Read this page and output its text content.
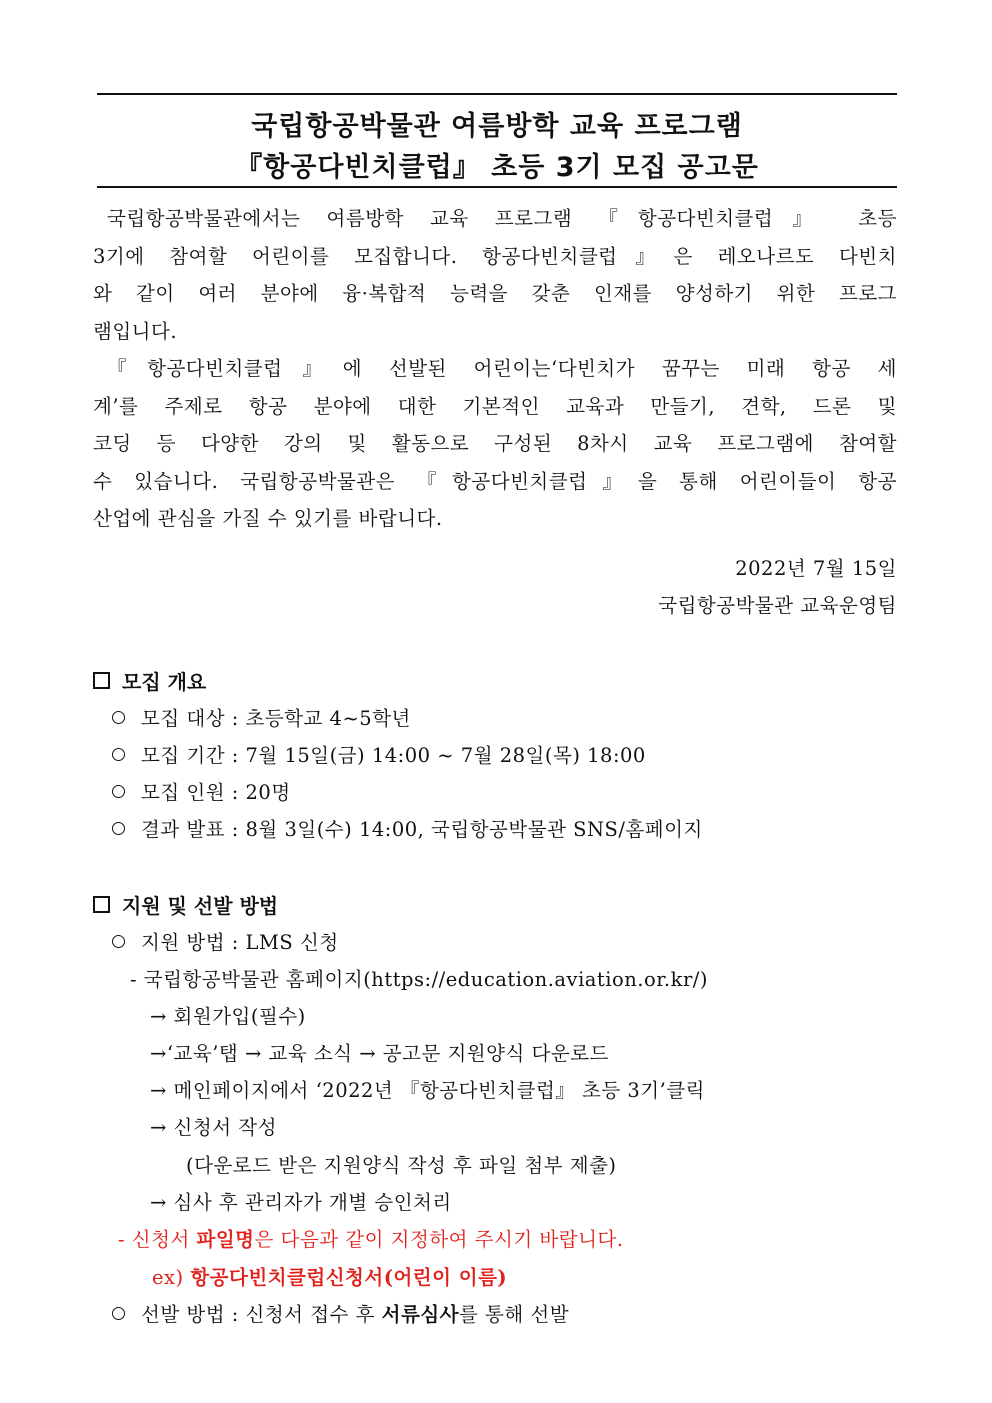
국립항공박물관 여름방학 교육 프로그램
『항공다빈치클럽』 초등 3기 모집 공고문
국립항공박물관에서는 여름방학 교육 프로그램 『항공다빈치클럽』 초등
3기에 참여할 어린이를 모집합니다. 항공다빈치클럽』은 레오나르도 다빈치
와 같이 여러 분야에 융·복합적 능력을 갖춘 인재를 양성하기 위한 프로그
램입니다.
『항공다빈치클럽』에 선발된 어린이는‘다빈치가 꿈꾸는 미래 항공 세
계’를 주제로 항공 분야에 대한 기본적인 교육과 만들기, 견학, 드론 및
코딩 등 다양한 강의 및 활동으로 구성된 8차시 교육 프로그램에 참여할
수 있습니다. 국립항공박물관은 『항공다빈치클럽』을 통해 어린이들이 항공
산업에 관심을 가질 수 있기를 바랍니다.
2022년 7월 15일
국립항공박물관 교육운영팀
모집 개요
모집 대상 : 초등학교 4~5학년
모집 기간 : 7월 15일(금) 14:00 ~ 7월 28일(목) 18:00
모집 인원 : 20명
결과 발표 : 8월 3일(수) 14:00, 국립항공박물관 SNS/홈페이지
지원 및 선발 방법
지원 방법 : LMS 신청
- 국립항공박물관 홈페이지(https://education.aviation.or.kr/)
→ 회원가입(필수)
→‘교육’탭 → 교육 소식 → 공고문 지원양식 다운로드
→ 메인페이지에서 ‘2022년 『항공다빈치클럽』 초등 3기’클릭
→ 신청서 작성
(다운로드 받은 지원양식 작성 후 파일 첨부 제출)
→ 심사 후 관리자가 개별 승인처리
- 신청서 파일명은 다음과 같이 지정하여 주시기 바랍니다.
ex) 항공다빈치클럽신청서(어린이 이름)
선발 방법 : 신청서 접수 후 서류심사를 통해 선발
